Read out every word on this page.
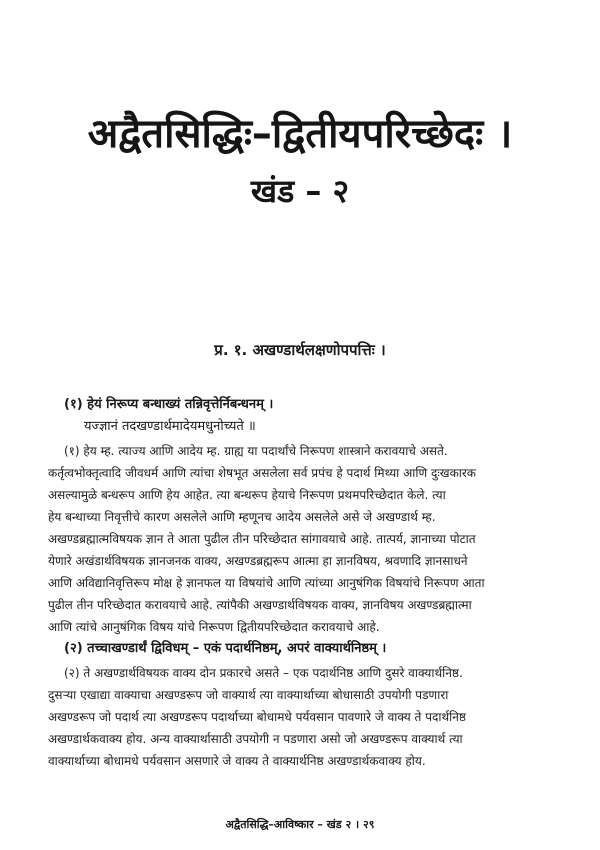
अद्वैतसिद्धिः–द्वितीयपरिच्छेदः ।
खंड – २
प्र. १. अखण्डार्थलक्षणोपपत्तिः ।
(१) हेयं निरूप्य बन्धाख्यं तन्निवृत्तेर्निबन्धनम् ।
यज्ज्ञानं तदखण्डार्थमादेयमधुनोच्यते ॥
(१) हेय म्ह. त्याज्य आणि आदेय म्ह. ग्राह्य या पदार्थांचे निरूपण शास्त्राने करावयाचे असते.
कर्तृत्वभोक्तृत्वादि जीवधर्म आणि त्यांचा शेषभूत असलेला सर्व प्रपंच हे पदार्थ मिथ्या आणि दुःखकारक
असल्यामुळे बन्धरूप आणि हेय आहेत. त्या बन्धरूप हेयाचे निरूपण प्रथमपरिच्छेदात केले. त्या
हेय बन्धाच्या निवृत्तीचे कारण असलेले आणि म्हणूनच आदेय असलेले असे जे अखण्डार्थ म्ह.
अखण्डब्रह्मात्मविषयक ज्ञान ते आता पुढील तीन परिच्छेदात सांगावयाचे आहे. तात्पर्य, ज्ञानाच्या पोटात
येणारे अखंडार्थविषयक ज्ञानजनक वाक्य, अखण्डब्रह्मरूप आत्मा हा ज्ञानविषय, श्रवणादि ज्ञानसाधने
आणि अविद्यानिवृत्तिरूप मोक्ष हे ज्ञानफल या विषयांचे आणि त्यांच्या आनुषंगिक विषयांचे निरूपण आता
पुढील तीन परिच्छेदात करावयाचे आहे. त्यांपैकी अखण्डार्थविषयक वाक्य, ज्ञानविषय अखण्डब्रह्मात्मा
आणि त्यांचे आनुषंगिक विषय यांचे निरूपण द्वितीयपरिच्छेदात करावयाचे आहे.
(२) तच्चाखण्डार्थं द्विविधम् – एकं पदार्थनिष्ठम्, अपरं वाक्यार्थनिष्ठम् ।
(२) ते अखण्डार्थविषयक वाक्य दोन प्रकारचे असते – एक पदार्थनिष्ठ आणि दुसरे वाक्यार्थनिष्ठ.
दुसऱ्या एखाद्या वाक्याचा अखण्डरूप जो वाक्यार्थ त्या वाक्यार्थाच्या बोधासाठी उपयोगी पडणारा
अखण्डरूप जो पदार्थ त्या अखण्डरूप पदार्थाच्या बोधामधे पर्यवसान पावणारे जे वाक्य ते पदार्थनिष्ठ
अखण्डार्थकवाक्य होय. अन्य वाक्यार्थासाठी उपयोगी न पडणारा असो जो अखण्डरूप वाक्यार्थ त्या
वाक्यार्थाच्या बोधामधे पर्यवसान असणारे जे वाक्य ते वाक्यार्थनिष्ठ अखण्डार्थकवाक्य होय.
अद्वैतसिद्धि–आविष्कार – खंड २ । २९
